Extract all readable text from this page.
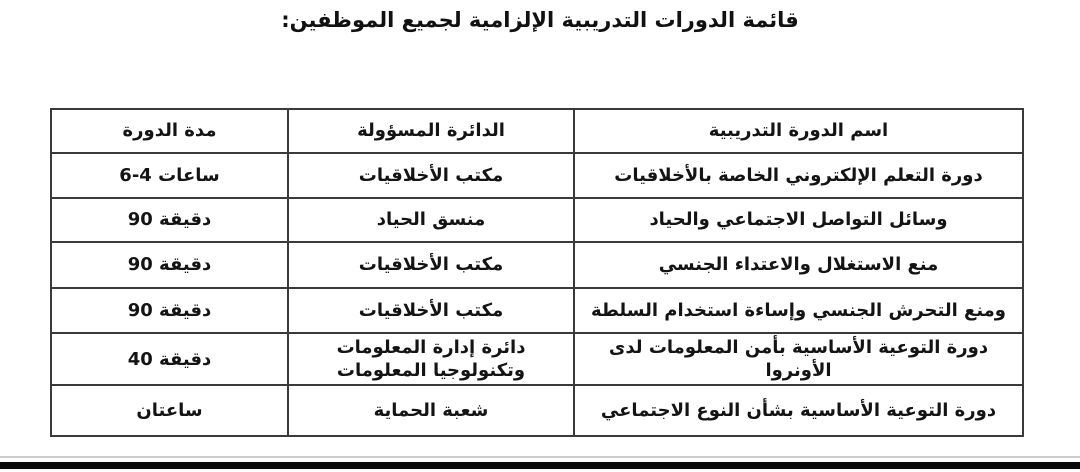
قائمة الدورات التدريبية الإلزامية لجميع الموظفين:
اسم الدورة التدريبية	الدائرة المسؤولة	مدة الدورة
دورة التعلم الإلكتروني الخاصة بالأخلاقيات	مكتب الأخلاقيات	6-4 ساعات
وسائل التواصل الاجتماعي والحياد	منسق الحياد	90 دقيقة
منع الاستغلال والاعتداء الجنسي	مكتب الأخلاقيات	90 دقيقة
ومنع التحرش الجنسي وإساءة استخدام السلطة	مكتب الأخلاقيات	90 دقيقة
دورة التوعية الأساسية بأمن المعلومات لدى الأونروا	دائرة إدارة المعلومات وتكنولوجيا المعلومات	40 دقيقة
دورة التوعية الأساسية بشأن النوع الاجتماعي	شعبة الحماية	ساعتان
